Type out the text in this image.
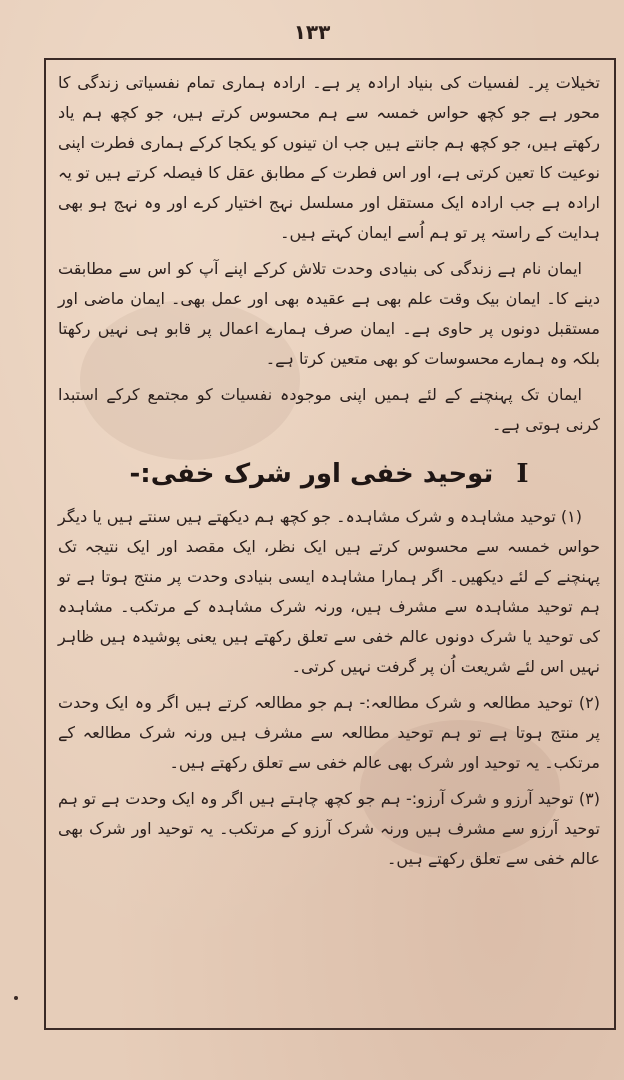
۱۳۳

تخیلات پر۔ لفسیات کی بنیاد ارادہ پر ہے۔ ارادہ ہماری تمام نفسیاتی زندگی کا محور ہے جو کچھ حواس خمسہ سے ہم محسوس کرتے ہیں، جو کچھ ہم یاد رکھتے ہیں، جو کچھ ہم جانتے ہیں جب ان تینوں کو یکجا کرکے ہماری فطرت اپنی نوعیت کا تعین کرتی ہے، اور اس فطرت کے مطابق عقل کا فیصلہ کرتے ہیں تو یہ ارادہ ہے جب ارادہ ایک مستقل اور مسلسل نہج اختیار کرے اور وہ نہج ہو بھی ہدایت کے راستہ پر تو ہم اُسے ایمان کہتے ہیں۔

ایمان نام ہے زندگی کی بنیادی وحدت تلاش کرکے اپنے آپ کو اس سے مطابقت دینے کا۔ ایمان بیک وقت علم بھی ہے عقیدہ بھی اور عمل بھی۔ ایمان ماضی اور مستقبل دونوں پر حاوی ہے۔ ایمان صرف ہمارے اعمال پر قابو ہی نہیں رکھتا بلکہ وہ ہمارے محسوسات کو بھی متعین کرتا ہے۔

ایمان تک پہنچنے کے لئے ہمیں اپنی موجودہ نفسیات کو مجتمع کرکے استبدا کرنی ہوتی ہے۔

I توحید خفی اور شرک خفی:-

(۱) توحید مشاہدہ و شرک مشاہدہ۔ جو کچھ ہم دیکھتے ہیں سنتے ہیں یا دیگر حواس خمسہ سے محسوس کرتے ہیں ایک نظر، ایک مقصد اور ایک نتیجہ تک پہنچنے کے لئے دیکھیں۔ اگر ہمارا مشاہدہ ایسی بنیادی وحدت پر منتج ہوتا ہے تو ہم توحید مشاہدہ سے مشرف ہیں، ورنہ شرک مشاہدہ کے مرتکب۔ مشاہدہ کی توحید یا شرک دونوں عالم خفی سے تعلق رکھتے ہیں یعنی پوشیدہ ہیں ظاہر نہیں اس لئے شریعت اُن پر گرفت نہیں کرتی۔

(۲) توحید مطالعہ و شرک مطالعہ:- ہم جو مطالعہ کرتے ہیں اگر وہ ایک وحدت پر منتج ہوتا ہے تو ہم توحید مطالعہ سے مشرف ہیں ورنہ شرک مطالعہ کے مرتکب۔ یہ توحید اور شرک بھی عالم خفی سے تعلق رکھتے ہیں۔

(۳) توحید آرزو و شرک آرزو:- ہم جو کچھ چاہتے ہیں اگر وہ ایک وحدت ہے تو ہم توحید آرزو سے مشرف ہیں ورنہ شرک آرزو کے مرتکب۔ یہ توحید اور شرک بھی عالم خفی سے تعلق رکھتے ہیں۔
